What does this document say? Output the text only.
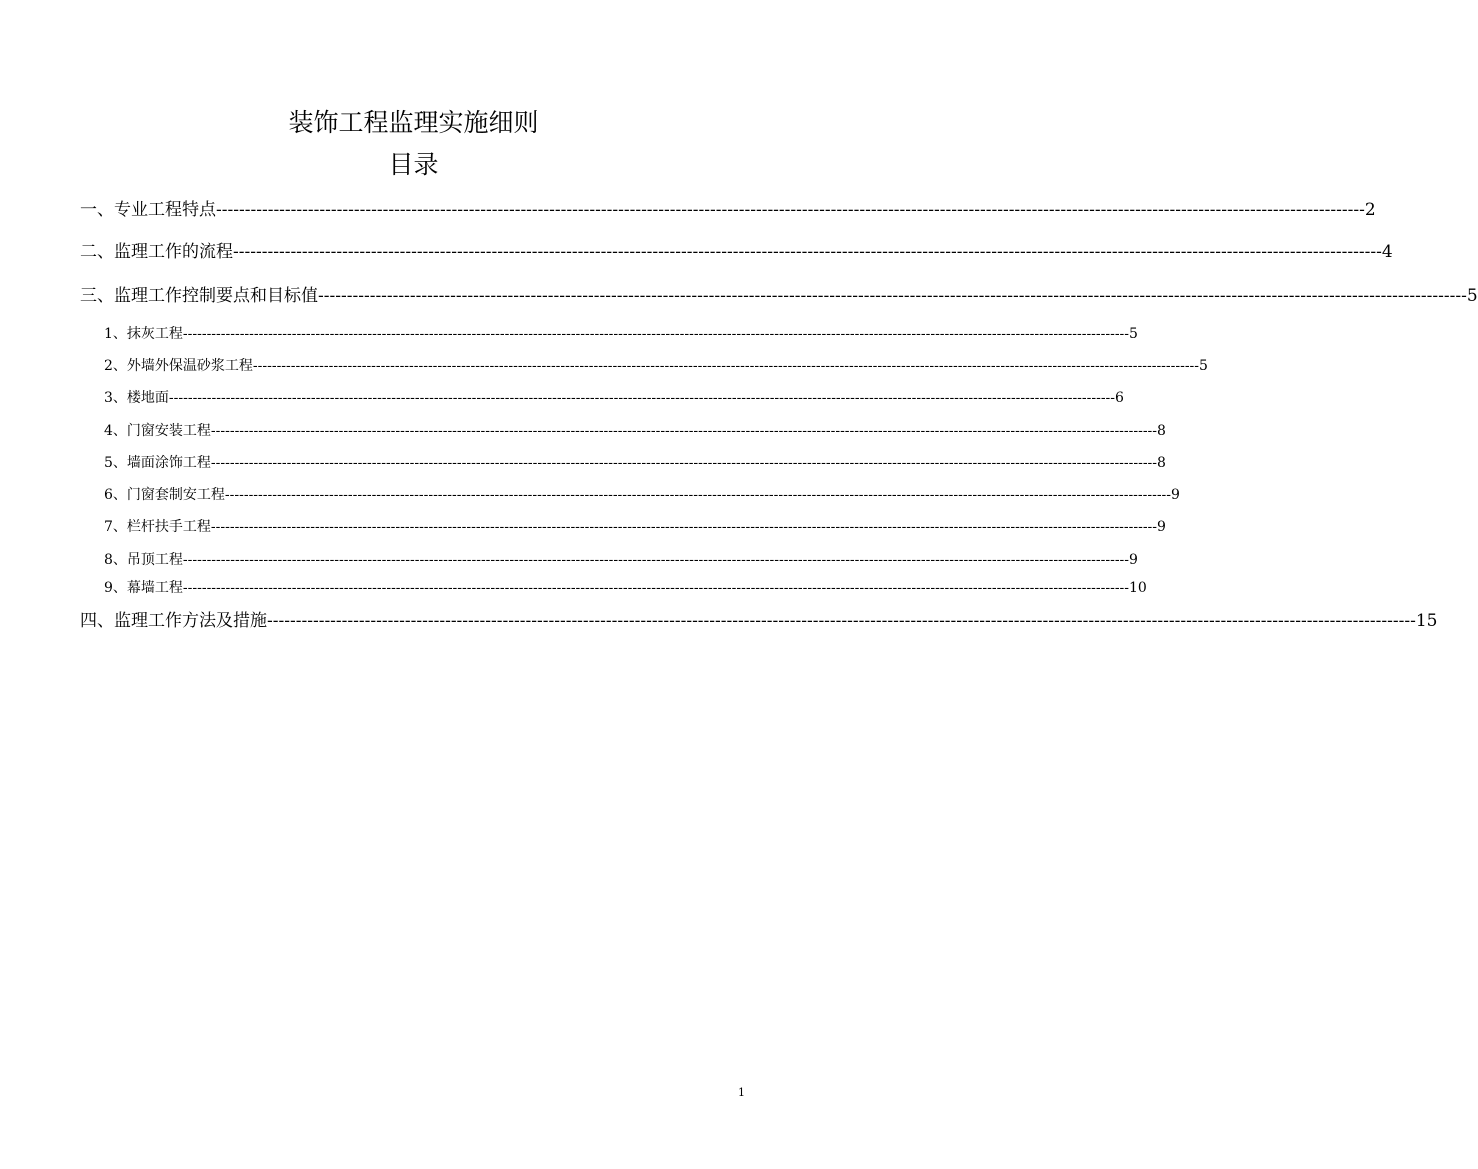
装饰工程监理实施细则
目录
一、专业工程特点 -------------------------------------------------------------------------------------------------------------------------------------------------------------------------------------------------------- 2
二、监理工作的流程 -------------------------------------------------------------------------------------------------------------------------------------------------------------------------------------------------------- 4
三、监理工作控制要点和目标值 -------------------------------------------------------------------------------------------------------------------------------------------------------------------------------------------------------- 5
1、抹灰工程 -------------------------------------------------------------------------------------------------------------------------------------------------------------------------------------------------------- 5
2、外墙外保温砂浆工程 -------------------------------------------------------------------------------------------------------------------------------------------------------------------------------------------------------- 5
3、楼地面 -------------------------------------------------------------------------------------------------------------------------------------------------------------------------------------------------------- 6
4、门窗安装工程 -------------------------------------------------------------------------------------------------------------------------------------------------------------------------------------------------------- 8
5、墙面涂饰工程 -------------------------------------------------------------------------------------------------------------------------------------------------------------------------------------------------------- 8
6、门窗套制安工程 -------------------------------------------------------------------------------------------------------------------------------------------------------------------------------------------------------- 9
7、栏杆扶手工程 -------------------------------------------------------------------------------------------------------------------------------------------------------------------------------------------------------- 9
8、吊顶工程 -------------------------------------------------------------------------------------------------------------------------------------------------------------------------------------------------------- 9
9、幕墙工程 -------------------------------------------------------------------------------------------------------------------------------------------------------------------------------------------------------- 10
四、监理工作方法及措施 -------------------------------------------------------------------------------------------------------------------------------------------------------------------------------------------------------- 15
1
